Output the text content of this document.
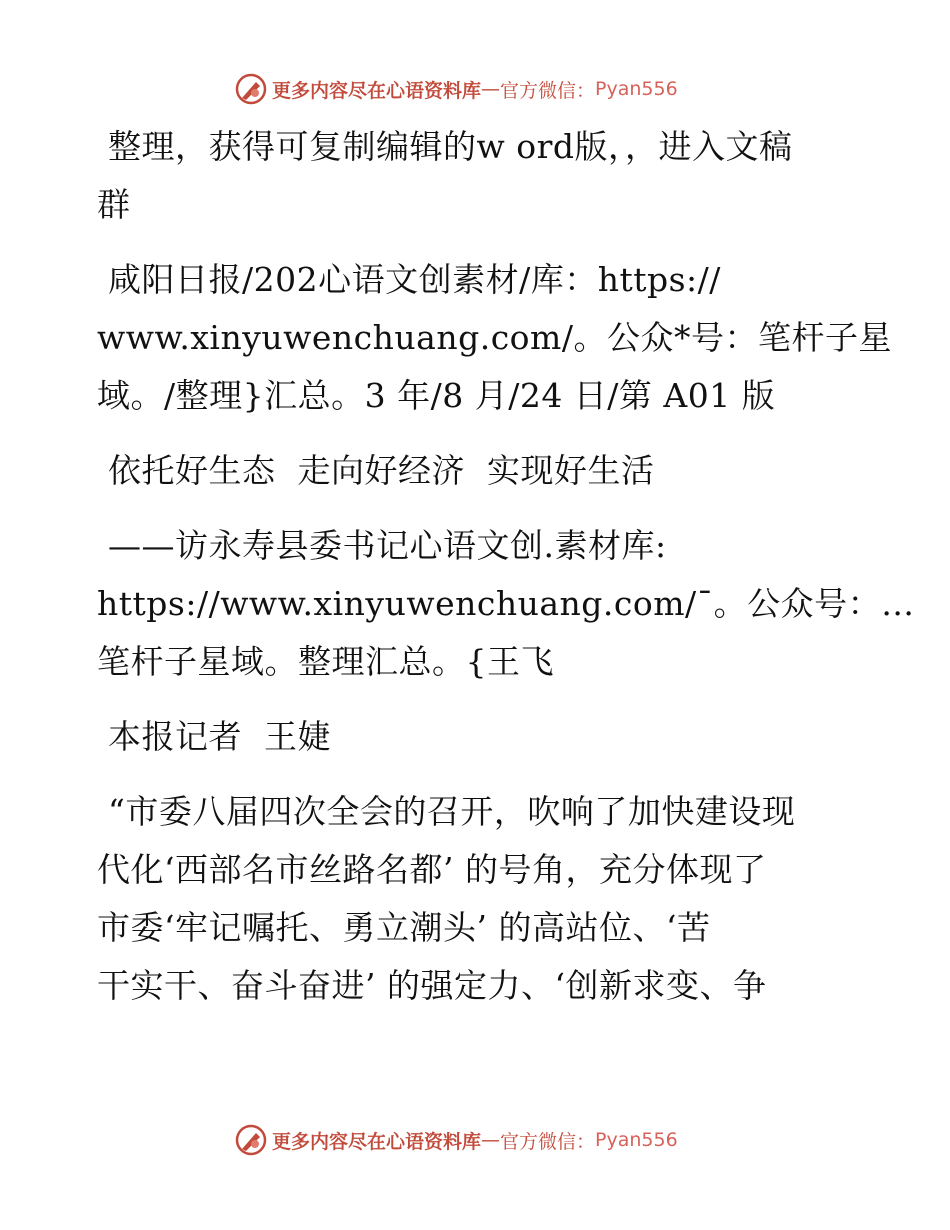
更多内容尽在心语资料库 — 官方微信： Pyan556
整理，获得可复制编辑的w ord版，，进入文稿
群
咸阳日报/202心语文创素材/库：https://
www.xinyuwenchuang.com/。公众*号：笔杆子星
域。/整理}汇总。3 年/8 月/24 日/第 A01 版
依托好生态  走向好经济  实现好生活
——访永寿县委书记心语文创.素材库:
https://www.xinyuwenchuang.com/¯。公众号：…
笔杆子星域。整理汇总。{王飞
本报记者  王婕
“市委八届四次全会的召开，吹响了加快建设现
代化‘西部名市丝路名都’ 的号角，充分体现了
市委‘牢记嘱托、勇立潮头’ 的高站位、‘苦
干实干、奋斗奋进’ 的强定力、‘创新求变、争
更多内容尽在心语资料库 — 官方微信： Pyan556
